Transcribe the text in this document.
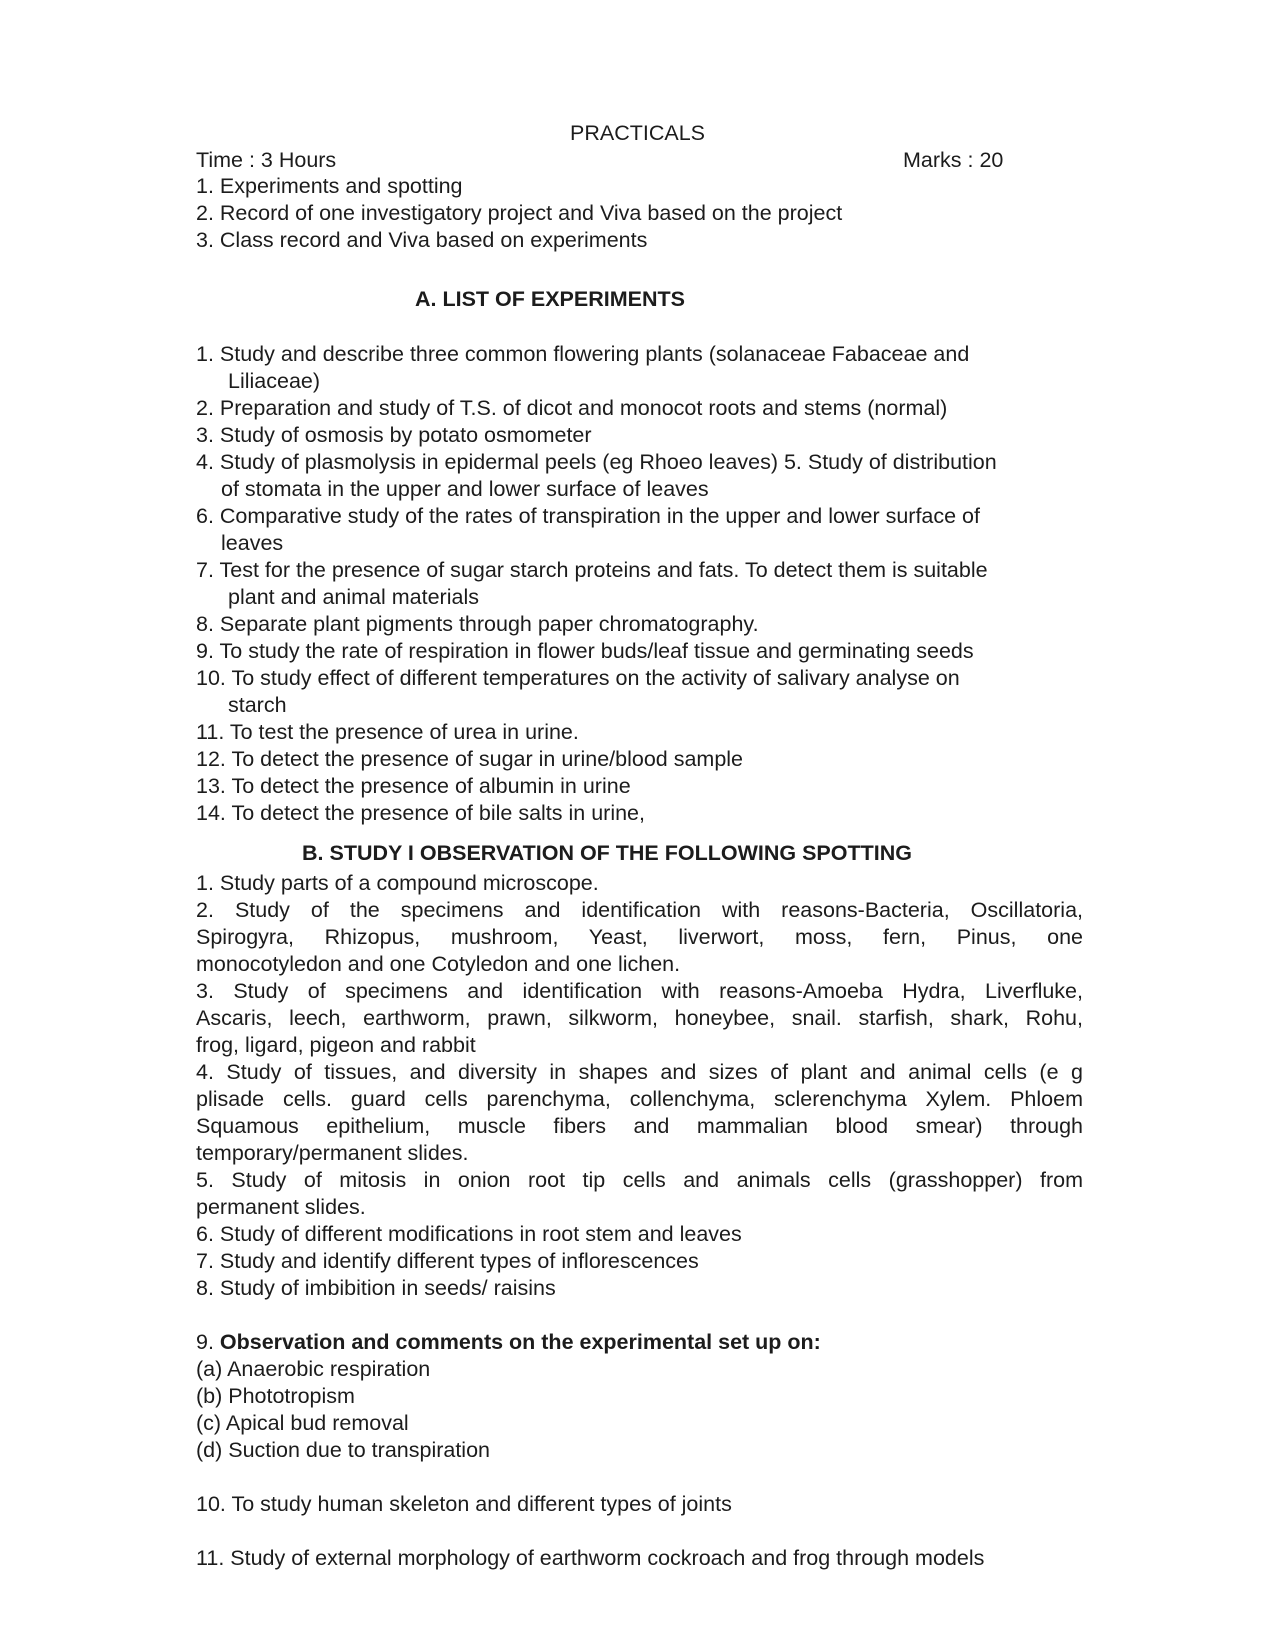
PRACTICALS
Time : 3 Hours	Marks : 20
1. Experiments and spotting
2. Record of one investigatory project and Viva based on the project
3. Class record and Viva based on experiments
A. LIST OF EXPERIMENTS
1. Study and describe three common flowering plants (solanaceae Fabaceae and
Liliaceae)
2. Preparation and study of T.S. of dicot and monocot roots and stems (normal)
3. Study of osmosis by potato osmometer
4. Study of plasmolysis in epidermal peels (eg Rhoeo leaves) 5. Study of distribution
of stomata in the upper and lower surface of leaves
6. Comparative study of the rates of transpiration in the upper and lower surface of
leaves
7. Test for the presence of sugar starch proteins and fats. To detect them is suitable
plant and animal materials
8. Separate plant pigments through paper chromatography.
9. To study the rate of respiration in flower buds/leaf tissue and germinating seeds
10. To study effect of different temperatures on the activity of salivary analyse on
starch
11. To test the presence of urea in urine.
12. To detect the presence of sugar in urine/blood sample
13. To detect the presence of albumin in urine
14. To detect the presence of bile salts in urine,
B. STUDY I OBSERVATION OF THE FOLLOWING SPOTTING
1. Study parts of a compound microscope.
2. Study of the specimens and identification with reasons-Bacteria, Oscillatoria,
Spirogyra, Rhizopus, mushroom, Yeast, liverwort, moss, fern, Pinus, one
monocotyledon and one Cotyledon and one lichen.
3. Study of specimens and identification with reasons-Amoeba Hydra, Liverfluke,
Ascaris, leech, earthworm, prawn, silkworm, honeybee, snail. starfish, shark, Rohu,
frog, ligard, pigeon and rabbit
4. Study of tissues, and diversity in shapes and sizes of plant and animal cells (e g
plisade cells. guard cells parenchyma, collenchyma, sclerenchyma Xylem. Phloem
Squamous epithelium, muscle fibers and mammalian blood smear) through
temporary/permanent slides.
5. Study of mitosis in onion root tip cells and animals cells (grasshopper) from
permanent slides.
6. Study of different modifications in root stem and leaves
7. Study and identify different types of inflorescences
8. Study of imbibition in seeds/ raisins
9. Observation and comments on the experimental set up on:
(a) Anaerobic respiration
(b) Phototropism
(c) Apical bud removal
(d) Suction due to transpiration
10. To study human skeleton and different types of joints
11. Study of external morphology of earthworm cockroach and frog through models
